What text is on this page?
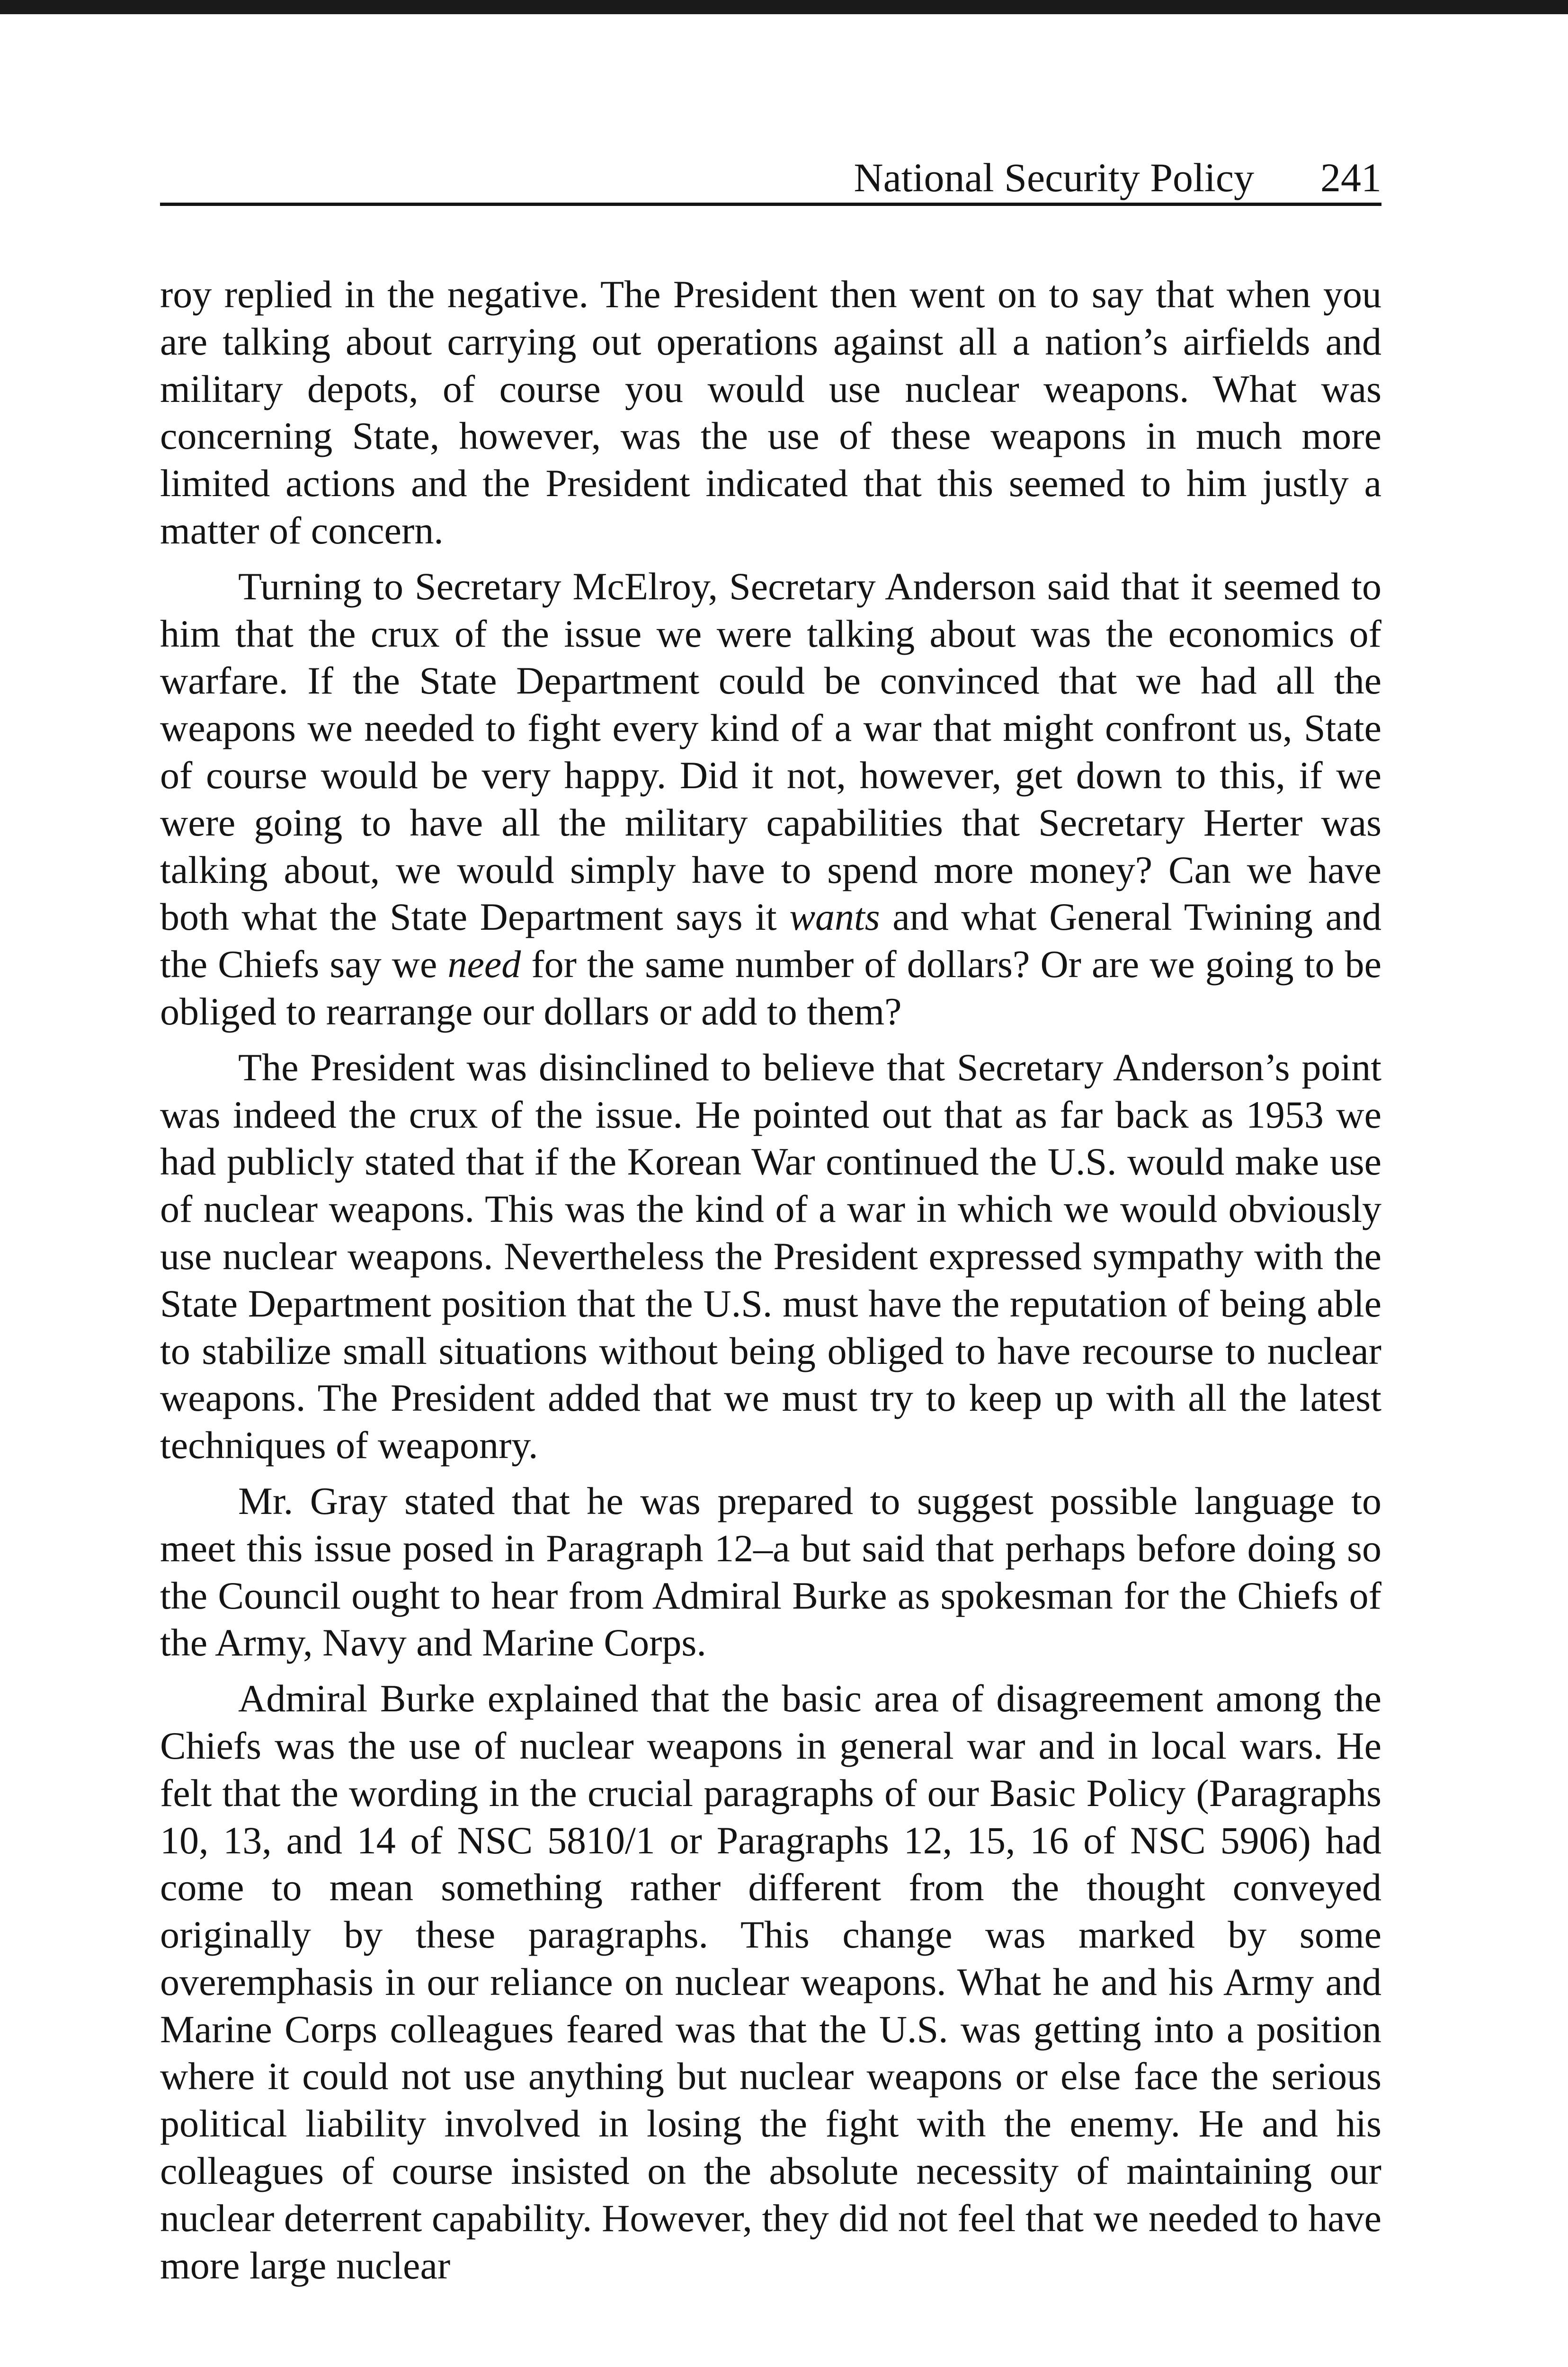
National Security Policy 241

roy replied in the negative. The President then went on to say that when you are talking about carrying out operations against all a nation’s airfields and military depots, of course you would use nuclear weapons. What was concerning State, however, was the use of these weapons in much more limited actions and the President indicated that this seemed to him justly a matter of concern.

Turning to Secretary McElroy, Secretary Anderson said that it seemed to him that the crux of the issue we were talking about was the economics of warfare. If the State Department could be convinced that we had all the weapons we needed to fight every kind of a war that might confront us, State of course would be very happy. Did it not, however, get down to this, if we were going to have all the military capabilities that Secretary Herter was talking about, we would simply have to spend more money? Can we have both what the State Department says it wants and what General Twining and the Chiefs say we need for the same number of dollars? Or are we going to be obliged to rearrange our dollars or add to them?

The President was disinclined to believe that Secretary Anderson’s point was indeed the crux of the issue. He pointed out that as far back as 1953 we had publicly stated that if the Korean War continued the U.S. would make use of nuclear weapons. This was the kind of a war in which we would obviously use nuclear weapons. Nevertheless the President expressed sympathy with the State Department position that the U.S. must have the reputation of being able to stabilize small situations without being obliged to have recourse to nuclear weapons. The President added that we must try to keep up with all the latest techniques of weaponry.

Mr. Gray stated that he was prepared to suggest possible language to meet this issue posed in Paragraph 12–a but said that perhaps before doing so the Council ought to hear from Admiral Burke as spokesman for the Chiefs of the Army, Navy and Marine Corps.

Admiral Burke explained that the basic area of disagreement among the Chiefs was the use of nuclear weapons in general war and in local wars. He felt that the wording in the crucial paragraphs of our Basic Policy (Paragraphs 10, 13, and 14 of NSC 5810/1 or Paragraphs 12, 15, 16 of NSC 5906) had come to mean something rather different from the thought conveyed originally by these paragraphs. This change was marked by some overemphasis in our reliance on nuclear weapons. What he and his Army and Marine Corps colleagues feared was that the U.S. was getting into a position where it could not use anything but nuclear weapons or else face the serious political liability involved in losing the fight with the enemy. He and his colleagues of course insisted on the absolute necessity of maintaining our nuclear deterrent capability. However, they did not feel that we needed to have more large nuclear
